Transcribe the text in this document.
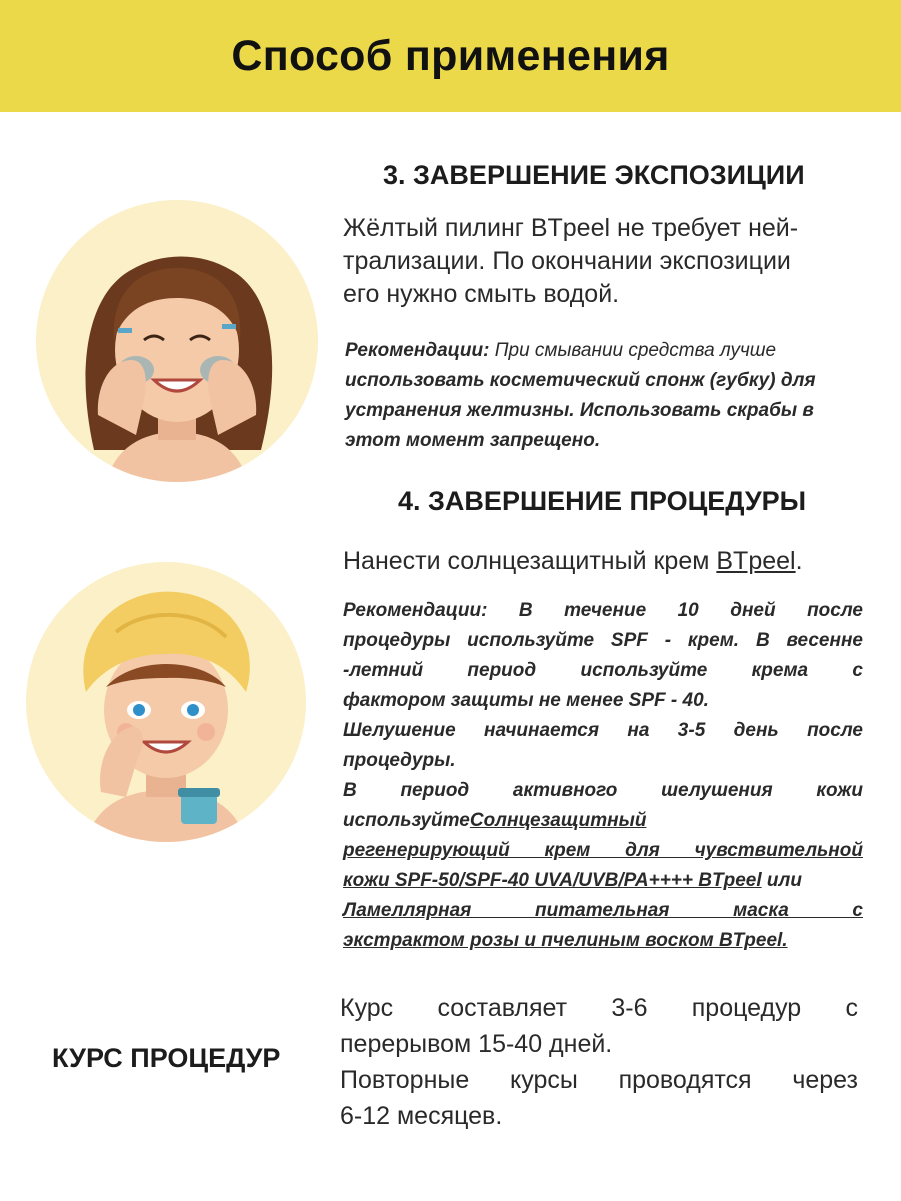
Способ применения

3. ЗАВЕРШЕНИЕ ЭКСПОЗИЦИИ

Жёлтый пилинг BTpeel не требует ней-

трализации. По окончании экспозиции

его нужно смыть водой.

Рекомендации: При смывании средства лучше

использовать косметический спонж (губку) для

устранения желтизны. Использовать скрабы в

этот момент запрещено.

4. ЗАВЕРШЕНИЕ ПРОЦЕДУРЫ

Нанести солнцезащитный крем BTpeel.

Рекомендации: В течение 10 дней после

процедуры используйте SPF - крем. В весенне

-летний период используйте крема с

фактором защиты не менее SPF - 40.

Шелушение начинается на 3-5 день после

процедуры.

В период активного шелушения кожи

используйтеСолнцезащитный

регенерирующий крем для чувствительной

кожи SPF-50/SPF-40 UVA/UVB/PA++++ BTpeel или

Ламеллярная питательная маска с

экстрактом розы и пчелиным воском BTpeel.

КУРС ПРОЦЕДУР

Курс составляет 3-6 процедур с

перерывом 15-40 дней.

Повторные курсы проводятся через

6-12 месяцев.
